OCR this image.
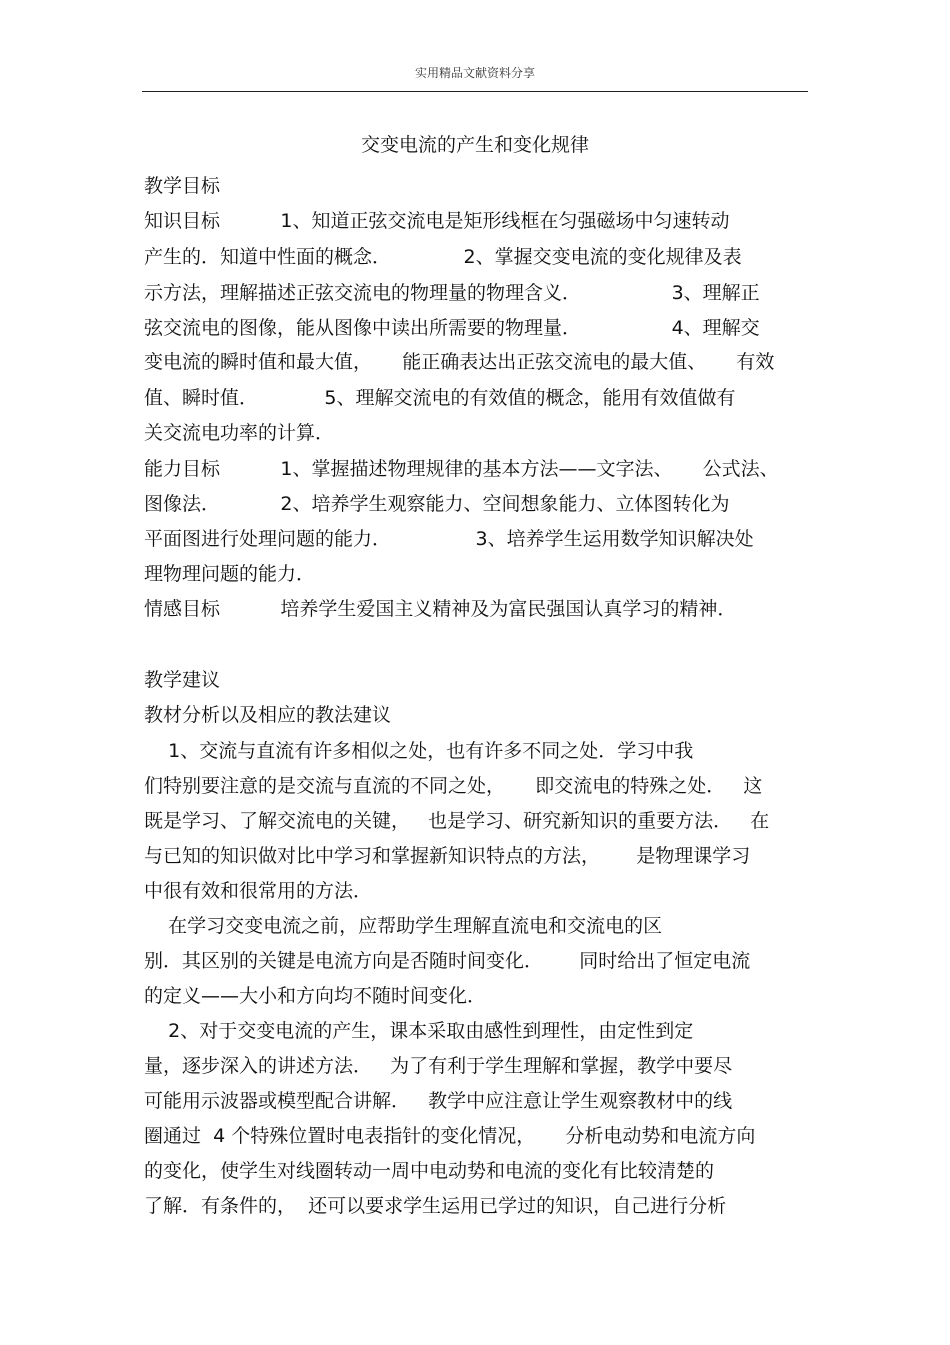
实用精品文献资料分享
交变电流的产生和变化规律
教学目标
知识目标          1、知道正弦交流电是矩形线框在匀强磁场中匀速转动
产生的．知道中性面的概念．            2、掌握交变电流的变化规律及表
示方法，理解描述正弦交流电的物理量的物理含义．               3、理解正
弦交流电的图像，能从图像中读出所需要的物理量．               4、理解交
变电流的瞬时值和最大值，     能正确表达出正弦交流电的最大值、     有效
值、瞬时值．           5、理解交流电的有效值的概念，能用有效值做有
关交流电功率的计算．
能力目标          1、掌握描述物理规律的基本方法——文字法、     公式法、
图像法．          2、培养学生观察能力、空间想象能力、立体图转化为
平面图进行处理问题的能力．              3、培养学生运用数学知识解决处
理物理问题的能力．
情感目标          培养学生爱国主义精神及为富民强国认真学习的精神．
教学建议
教材分析以及相应的教法建议
1、交流与直流有许多相似之处，也有许多不同之处．学习中我
们特别要注意的是交流与直流的不同之处，     即交流电的特殊之处．   这
既是学习、了解交流电的关键，   也是学习、研究新知识的重要方法．   在
与已知的知识做对比中学习和掌握新知识特点的方法，      是物理课学习
中很有效和很常用的方法．
在学习交变电流之前，应帮助学生理解直流电和交流电的区
别．其区别的关键是电流方向是否随时间变化．      同时给出了恒定电流
的定义——大小和方向均不随时间变化．
2、对于交变电流的产生，课本采取由感性到理性，由定性到定
量，逐步深入的讲述方法．   为了有利于学生理解和掌握，教学中要尽
可能用示波器或模型配合讲解．   教学中应注意让学生观察教材中的线
圈通过  4 个特殊位置时电表指针的变化情况，     分析电动势和电流方向
的变化，使学生对线圈转动一周中电动势和电流的变化有比较清楚的
了解．有条件的，  还可以要求学生运用已学过的知识，自己进行分析
